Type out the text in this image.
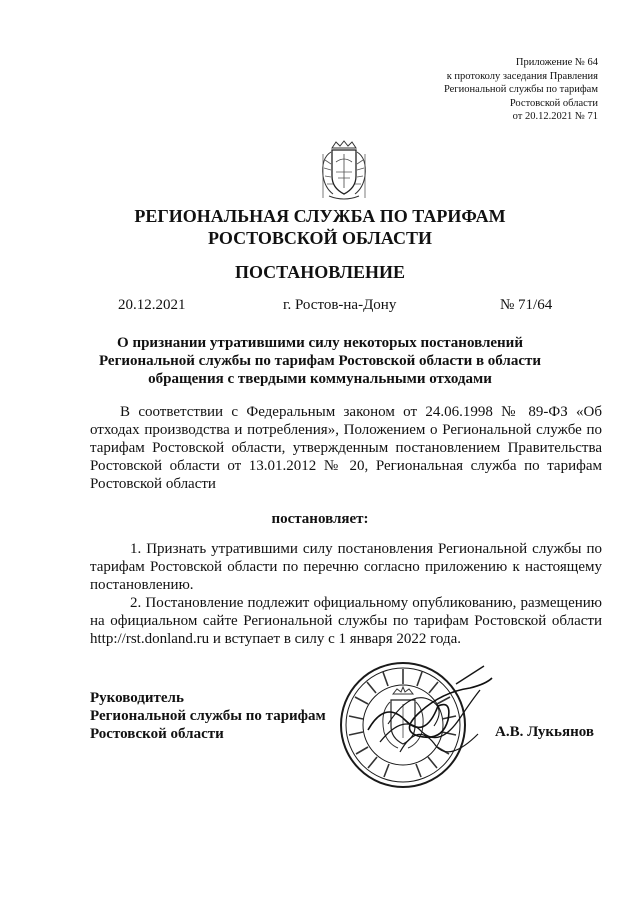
Приложение № 64
к протоколу заседания Правления
Региональной службы по тарифам
Ростовской области
от 20.12.2021 № 71
РЕГИОНАЛЬНАЯ СЛУЖБА ПО ТАРИФАМ
РОСТОВСКОЙ ОБЛАСТИ
ПОСТАНОВЛЕНИЕ
20.12.2021	г. Ростов-на-Дону	№ 71/64
О признании утратившими силу некоторых постановлений
Региональной службы по тарифам Ростовской области в области
обращения с твердыми коммунальными отходами
В соответствии с Федеральным законом от 24.06.1998 № 89-ФЗ «Об отходах производства и потребления», Положением о Региональной службе по тарифам Ростовской области, утвержденным постановлением Правительства Ростовской области от 13.01.2012 № 20, Региональная служба по тарифам Ростовской области
постановляет:
1. Признать утратившими силу постановления Региональной службы по тарифам Ростовской области по перечню согласно приложению к настоящему постановлению.
2. Постановление подлежит официальному опубликованию, размещению на официальном сайте Региональной службы по тарифам Ростовской области http://rst.donland.ru и вступает в силу с 1 января 2022 года.
Руководитель
Региональной службы по тарифам
Ростовской области	А.В. Лукьянов
